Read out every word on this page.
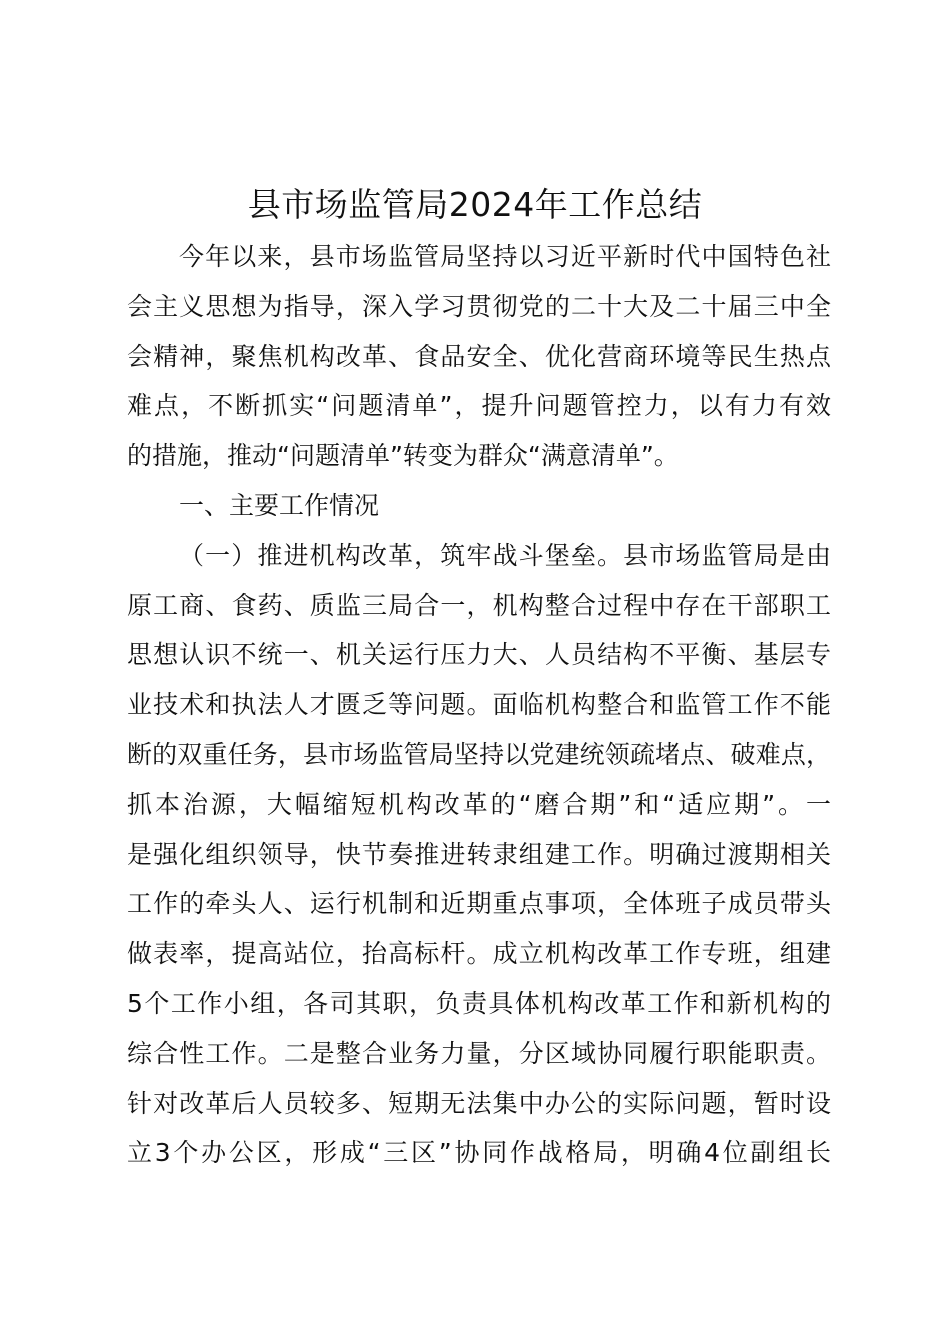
县市场监管局2024年工作总结
今年以来，县市场监管局坚持以习近平新时代中国特色社
会主义思想为指导，深入学习贯彻党的二十大及二十届三中全
会精神，聚焦机构改革、食品安全、优化营商环境等民生热点
难点，不断抓实“问题清单”，提升问题管控力，以有力有效
的措施，推动“问题清单”转变为群众“满意清单”。
一、主要工作情况
（一）推进机构改革，筑牢战斗堡垒。县市场监管局是由
原工商、食药、质监三局合一，机构整合过程中存在干部职工
思想认识不统一、机关运行压力大、人员结构不平衡、基层专
业技术和执法人才匮乏等问题。面临机构整合和监管工作不能
断的双重任务，县市场监管局坚持以党建统领疏堵点、破难点，
抓本治源，大幅缩短机构改革的“磨合期”和“适应期”。一
是强化组织领导，快节奏推进转隶组建工作。明确过渡期相关
工作的牵头人、运行机制和近期重点事项，全体班子成员带头
做表率，提高站位，抬高标杆。成立机构改革工作专班，组建
5个工作小组，各司其职，负责具体机构改革工作和新机构的
综合性工作。二是整合业务力量，分区域协同履行职能职责。
针对改革后人员较多、短期无法集中办公的实际问题，暂时设
立3个办公区，形成“三区”协同作战格局，明确4位副组长
